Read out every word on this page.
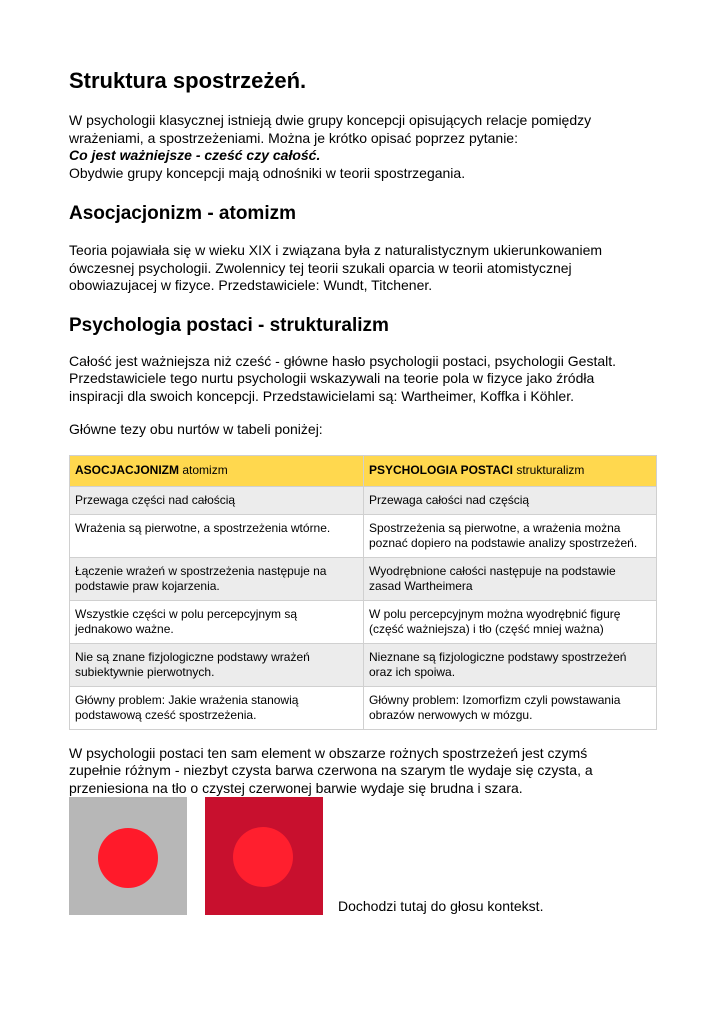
Struktura spostrzeżeń.

W psychologii klasycznej istnieją dwie grupy koncepcji opisujących relacje pomiędzy
wrażeniami, a spostrzeżeniami. Można je krótko opisać poprzez pytanie:
Co jest ważniejsze - cześć czy całość.
Obydwie grupy koncepcji mają odnośniki w teorii spostrzegania.

Asocjacjonizm - atomizm

Teoria pojawiała się w wieku XIX i związana była z naturalistycznym ukierunkowaniem
ówczesnej psychologii. Zwolennicy tej teorii szukali oparcia w teorii atomistycznej
obowiazujacej w fizyce. Przedstawiciele: Wundt, Titchener.

Psychologia postaci - strukturalizm

Całość jest ważniejsza niż cześć - główne hasło psychologii postaci, psychologii Gestalt.
Przedstawiciele tego nurtu psychologii wskazywali na teorie pola w fizyce jako źródła
inspiracji dla swoich koncepcji. Przedstawicielami są: Wartheimer, Koffka i Köhler.

Główne tezy obu nurtów w tabeli poniżej:

ASOCJACJONIZM atomizm	PSYCHOLOGIA POSTACI strukturalizm
Przewaga części nad całością	Przewaga całości nad częścią
Wrażenia są pierwotne, a spostrzeżenia wtórne.	Spostrzeżenia są pierwotne, a wrażenia można poznać dopiero na podstawie analizy spostrzeżeń.
Łączenie wrażeń w spostrzeżenia następuje na podstawie praw kojarzenia.	Wyodrębnione całości następuje na podstawie zasad Wartheimera
Wszystkie części w polu percepcyjnym są jednakowo ważne.	W polu percepcyjnym można wyodrębnić figurę (część ważniejsza) i tło (część mniej ważna)
Nie są znane fizjologiczne podstawy wrażeń subiektywnie pierwotnych.	Nieznane są fizjologiczne podstawy spostrzeżeń oraz ich spoiwa.
Główny problem: Jakie wrażenia stanowią podstawową cześć spostrzeżenia.	Główny problem: Izomorfizm czyli powstawania obrazów nerwowych w mózgu.

W psychologii postaci ten sam element w obszarze rożnych spostrzeżeń jest czymś
zupełnie różnym - niezbyt czysta barwa czerwona na szarym tle wydaje się czysta, a
przeniesiona na tło o czystej czerwonej barwie wydaje się brudna i szara.

Dochodzi tutaj do głosu kontekst.
